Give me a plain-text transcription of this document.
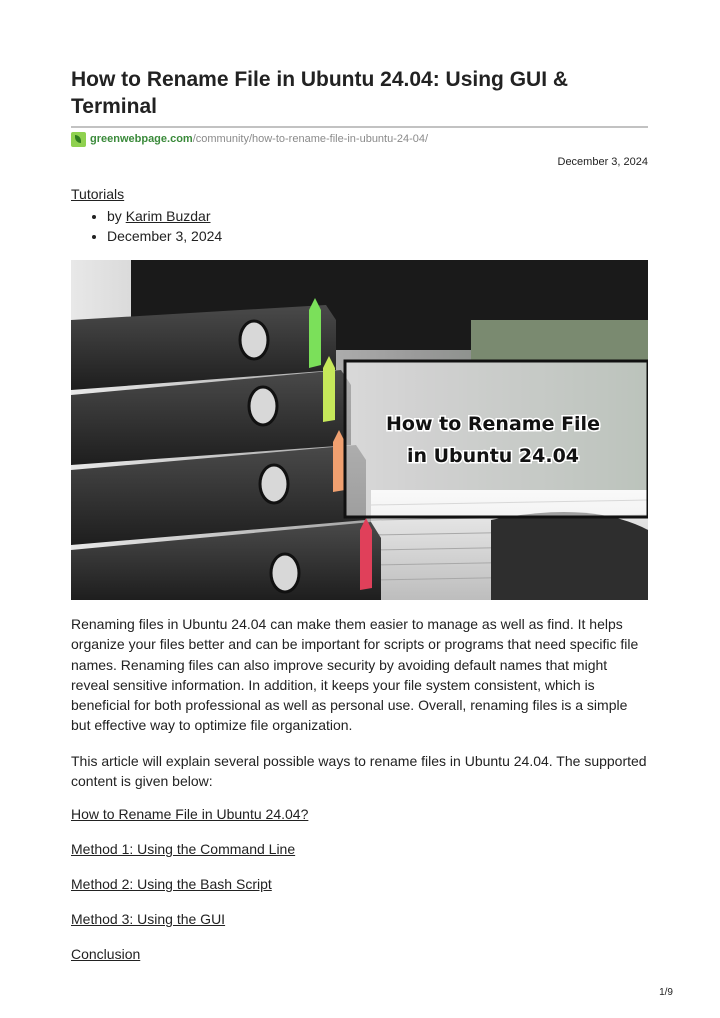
How to Rename File in Ubuntu 24.04: Using GUI & Terminal
greenwebpage.com /community/how-to-rename-file-in-ubuntu-24-04/
December 3, 2024
Tutorials
• by Karim Buzdar
• December 3, 2024
How to Rename File
in Ubuntu 24.04

Renaming files in Ubuntu 24.04 can make them easier to manage as well as find. It helps organize your files better and can be important for scripts or programs that need specific file names. Renaming files can also improve security by avoiding default names that might reveal sensitive information. In addition, it keeps your file system consistent, which is beneficial for both professional as well as personal use. Overall, renaming files is a simple but effective way to optimize file organization.

This article will explain several possible ways to rename files in Ubuntu 24.04. The supported content is given below:

How to Rename File in Ubuntu 24.04?
Method 1: Using the Command Line
Method 2: Using the Bash Script
Method 3: Using the GUI
Conclusion
1/9
